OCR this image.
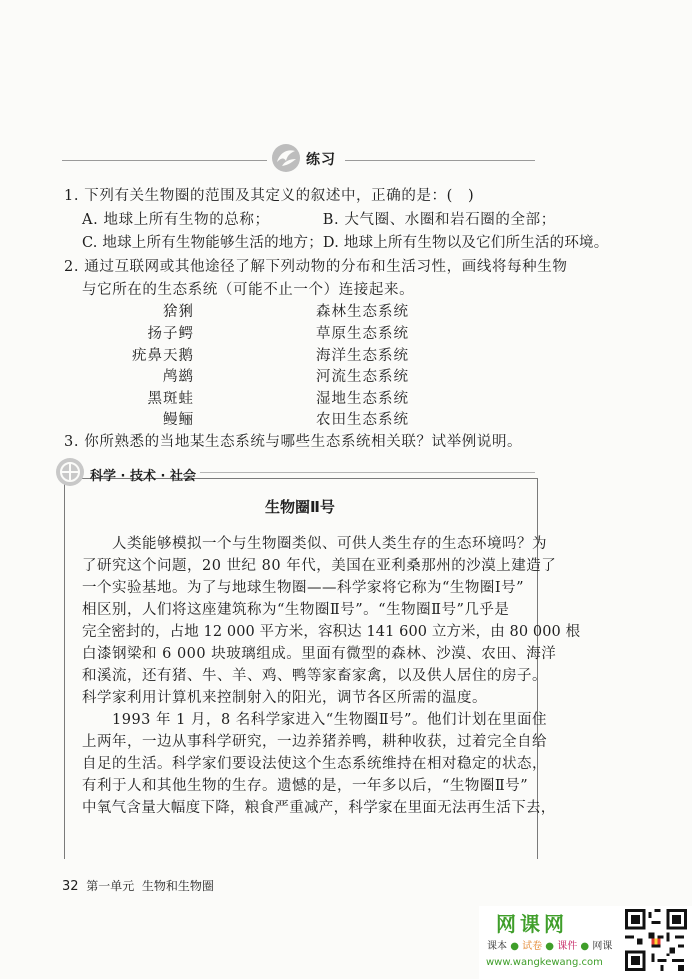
练习
1. 下列有关生物圈的范围及其定义的叙述中，正确的是：(　)
A. 地球上所有生物的总称；　　　　B. 大气圈、水圈和岩石圈的全部；
C. 地球上所有生物能够生活的地方；D. 地球上所有生物以及它们所生活的环境。
2. 通过互联网或其他途径了解下列动物的分布和生活习性，画线将每种生物
与它所在的生态系统（可能不止一个）连接起来。
猞猁
扬子鳄
疣鼻天鹅
鸬鹚
黑斑蛙
鳗鲡
森林生态系统
草原生态系统
海洋生态系统
河流生态系统
湿地生态系统
农田生态系统
3. 你所熟悉的当地某生态系统与哪些生态系统相关联？试举例说明。
科学 · 技术 · 社会
生物圈Ⅱ号
　　人类能够模拟一个与生物圈类似、可供人类生存的生态环境吗？为
了研究这个问题，20 世纪 80 年代，美国在亚利桑那州的沙漠上建造了
一个实验基地。为了与地球生物圈——科学家将它称为“生物圈Ⅰ号”
相区别，人们将这座建筑称为“生物圈Ⅱ号”。“生物圈Ⅱ号”几乎是
完全密封的，占地 12 000 平方米，容积达 141 600 立方米，由 80 000 根
白漆钢梁和 6 000 块玻璃组成。里面有微型的森林、沙漠、农田、海洋
和溪流，还有猪、牛、羊、鸡、鸭等家畜家禽，以及供人居住的房子。
科学家利用计算机来控制射入的阳光，调节各区所需的温度。
　　1993 年 1 月，8 名科学家进入“生物圈Ⅱ号”。他们计划在里面住
上两年，一边从事科学研究，一边养猪养鸭，耕种收获，过着完全自给
自足的生活。科学家们要设法使这个生态系统维持在相对稳定的状态，
有利于人和其他生物的生存。遗憾的是，一年多以后，“生物圈Ⅱ号”
中氧气含量大幅度下降，粮食严重减产，科学家在里面无法再生活下去，
32 第一单元 生物和生物圈
网课网
课本 ● 试卷 ● 课件 ● 网课
www.wangkewang.com
